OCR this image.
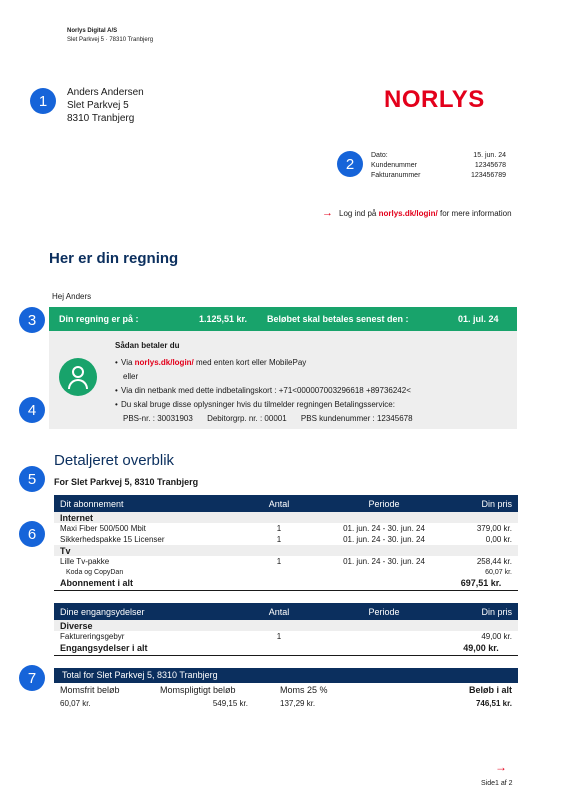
Norlys Digital A/S
Slet Parkvej 5 · 78310 Tranbjerg
1
2
3
4
5
6
7
Anders Andersen
Slet Parkvej 5
8310 Tranbjerg
NORLYS
Dato:	15. jun. 24
Kundenummer	12345678
Fakturanummer	123456789
→ Log ind på norlys.dk/login/ for mere information
Her er din regning
Hej Anders
Din regning er på :	1.125,51 kr. Beløbet skal betales senest den :	01. jul. 24
Sådan betaler du
• Via norlys.dk/login/ med enten kort eller MobilePay
eller
• Via din netbank med dette indbetalingskort : +71<000007003296618 +89736242<
• Du skal bruge disse oplysninger hvis du tilmelder regningen Betalingsservice:
PBS-nr. : 30031903 Debitorgrp. nr. : 00001 PBS kundenummer : 12345678
Detaljeret overblik
For Slet Parkvej 5, 8310 Tranbjerg
Dit abonnement	Antal	Periode	Din pris
Internet			
Maxi Fiber 500/500 Mbit	1	01. jun. 24 - 30. jun. 24	379,00 kr.
Sikkerhedspakke 15 Licenser	1	01. jun. 24 - 30. jun. 24	0,00 kr.
Tv			
Lille Tv-pakke	1	01. jun. 24 - 30. jun. 24	258,44 kr.
Koda og CopyDan			60,07 kr.
Abonnement i alt			697,51 kr.
Dine engangsydelser	Antal	Periode	Din pris
Diverse			
Faktureringsgebyr	1		49,00 kr.
Engangsydelser i alt			49,00 kr.
Total for Slet Parkvej 5, 8310 Tranbjerg
Momsfrit beløb	Momspligtigt beløb	Moms 25 %	Beløb i alt
60,07 kr.	549,15 kr.	137,29 kr.	746,51 kr.
→
Side1 af 2
